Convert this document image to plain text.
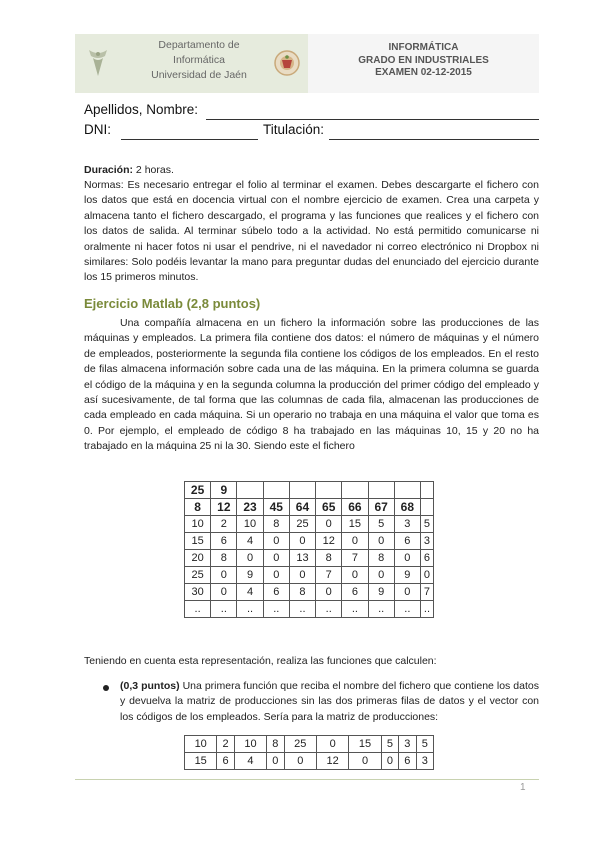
Departamento de
Informática
Universidad de Jaén
INFORMÁTICA
GRADO EN INDUSTRIALES
EXAMEN 02-12-2015
Apellidos, Nombre:
DNI:	Titulación:
Duración: 2 horas.
Normas: Es necesario entregar el folio al terminar el examen. Debes descargarte el fichero con los datos que está en docencia virtual con el nombre ejercicio de examen. Crea una carpeta y almacena tanto el fichero descargado, el programa y las funciones que realices y el fichero con los datos de salida. Al terminar súbelo todo a la actividad. No está permitido comunicarse ni oralmente ni hacer fotos ni usar el pendrive, ni el navedador ni correo electrónico ni Dropbox ni similares: Solo podéis levantar la mano para preguntar dudas del enunciado del ejercicio durante los 15 primeros minutos.
Ejercicio Matlab (2,8 puntos)
Una compañía almacena en un fichero la información sobre las producciones de las máquinas y empleados. La primera fila contiene dos datos: el número de máquinas y el número de empleados, posteriormente la segunda fila contiene los códigos de los empleados. En el resto de filas almacena información sobre cada una de las máquina. En la primera columna se guarda el código de la máquina y en la segunda columna la producción del primer código del empleado y así sucesivamente, de tal forma que las columnas de cada fila, almacenan las producciones de cada empleado en cada máquina. Si un operario no trabaja en una máquina el valor que toma es 0. Por ejemplo, el empleado de código 8 ha trabajado en las máquinas 10, 15 y 20 no ha trabajado en la máquina 25 ni la 30. Siendo este el fichero
25	9								
8	12	23	45	64	65	66	67	68	
10	2	10	8	25	0	15	5	3	5
15	6	4	0	0	12	0	0	6	3
20	8	0	0	13	8	7	8	0	6
25	0	9	0	0	7	0	0	9	0
30	0	4	6	8	0	6	9	0	7
..	..	..	..	..	..	..	..	..	..
Teniendo en cuenta esta representación, realiza las funciones que calculen:
(0,3 puntos) Una primera función que reciba el nombre del fichero que contiene los datos y devuelva la matriz de producciones sin las dos primeras filas de datos y el vector con los códigos de los empleados. Sería para la matriz de producciones:
10	2	10	8	25	0	15	5	3	5
15	6	4	0	0	12	0	0	6	3
1
